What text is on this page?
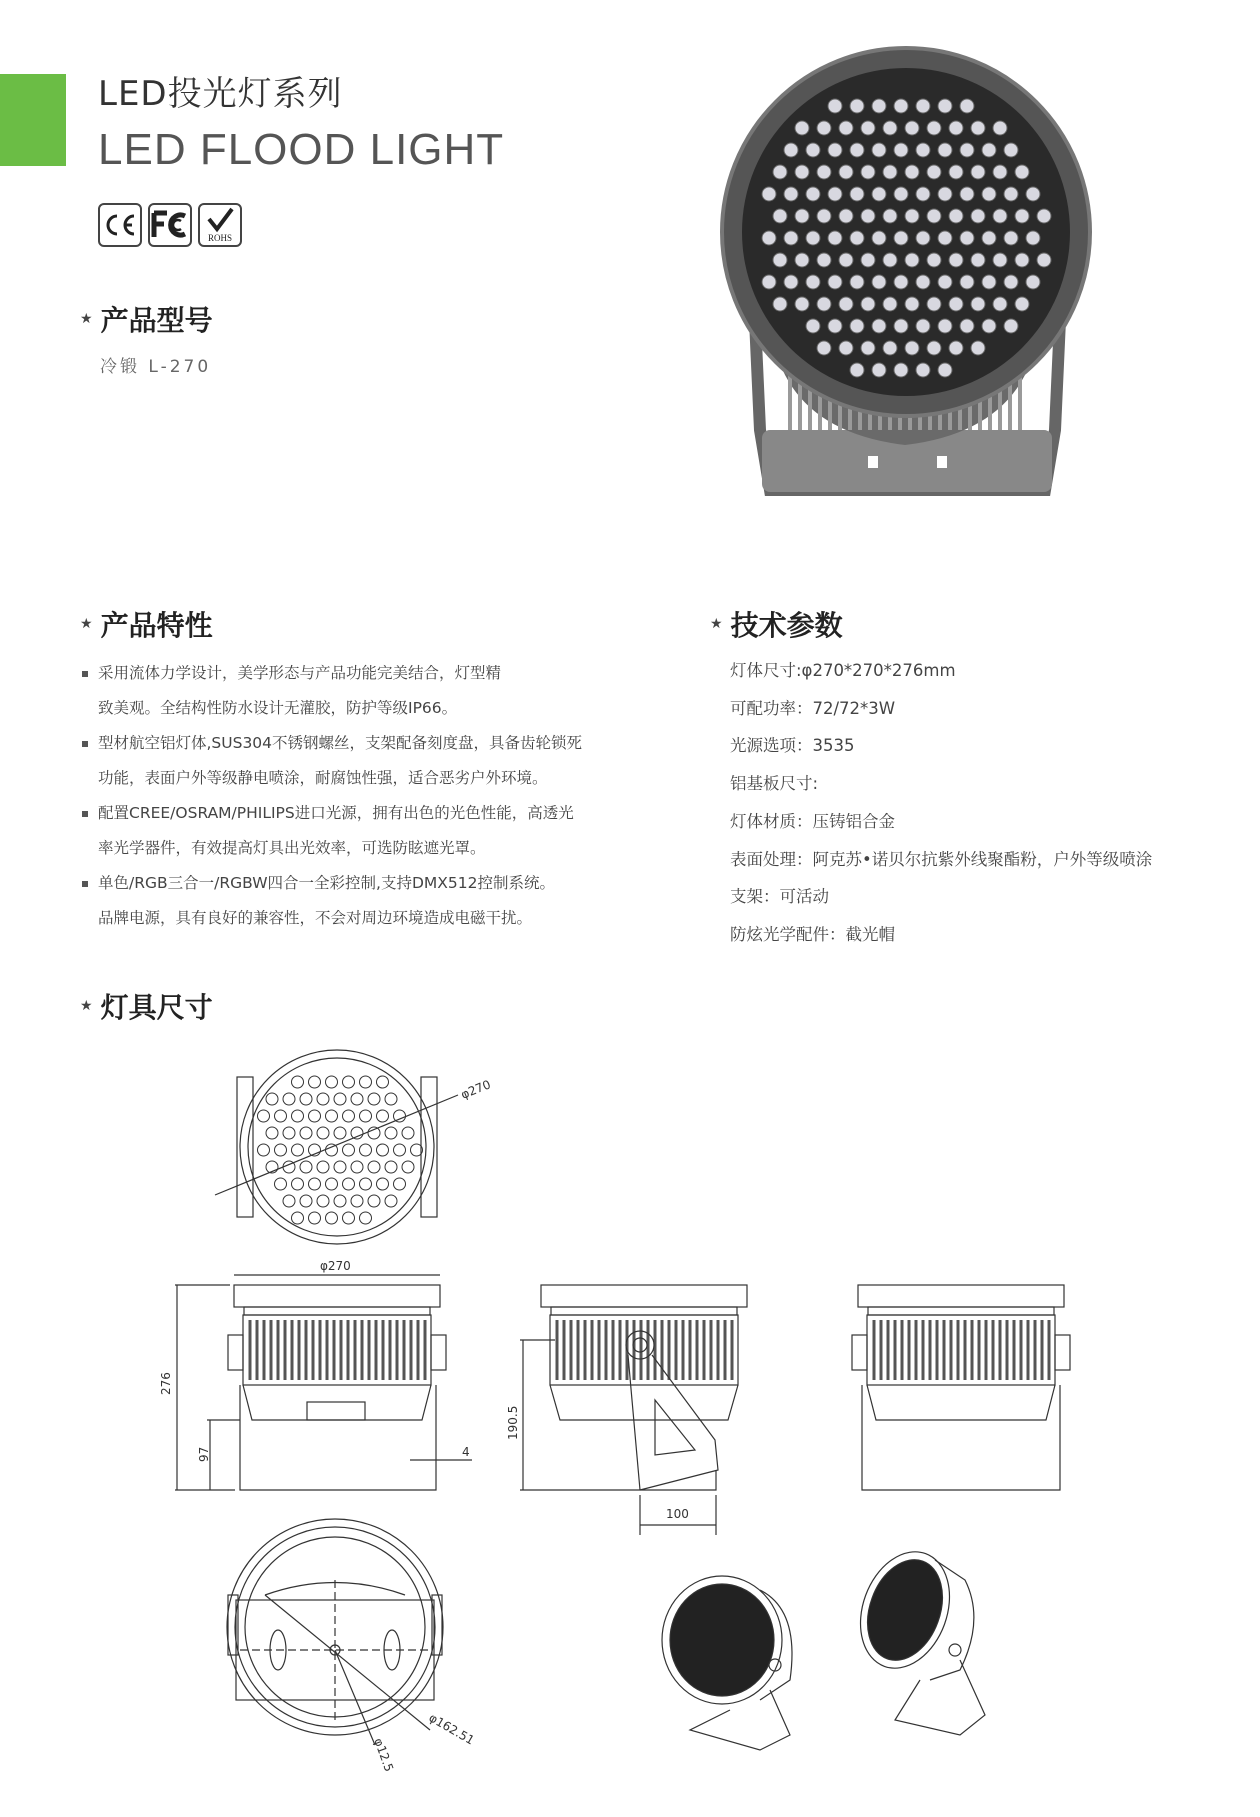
LED投光灯系列
LED FLOOD LIGHT
ROHS
★ 产品型号
冷锻 L-270
★ 产品特性	★ 技术参数
★ 灯具尺寸
采用流体力学设计，美学形态与产品功能完美结合，灯型精
致美观。全结构性防水设计无灌胶，防护等级IP66。
型材航空铝灯体,SUS304不锈钢螺丝，支架配备刻度盘，具备齿轮锁死
功能，表面户外等级静电喷涂，耐腐蚀性强，适合恶劣户外环境。
配置CREE/OSRAM/PHILIPS进口光源，拥有出色的光色性能，高透光
率光学器件，有效提高灯具出光效率，可选防眩遮光罩。
单色/RGB三合一/RGBW四合一全彩控制,支持DMX512控制系统。
品牌电源，具有良好的兼容性，不会对周边环境造成电磁干扰。
灯体尺寸:φ270*270*276mm
可配功率：72/72*3W
光源选项：3535
铝基板尺寸:
灯体材质：压铸铝合金
表面处理：阿克苏•诺贝尔抗紫外线聚酯粉，户外等级喷涂
支架：可活动
防炫光学配件：截光帽
φ270
φ270
276
97	4
190.5
100
φ162.51
φ12.5
